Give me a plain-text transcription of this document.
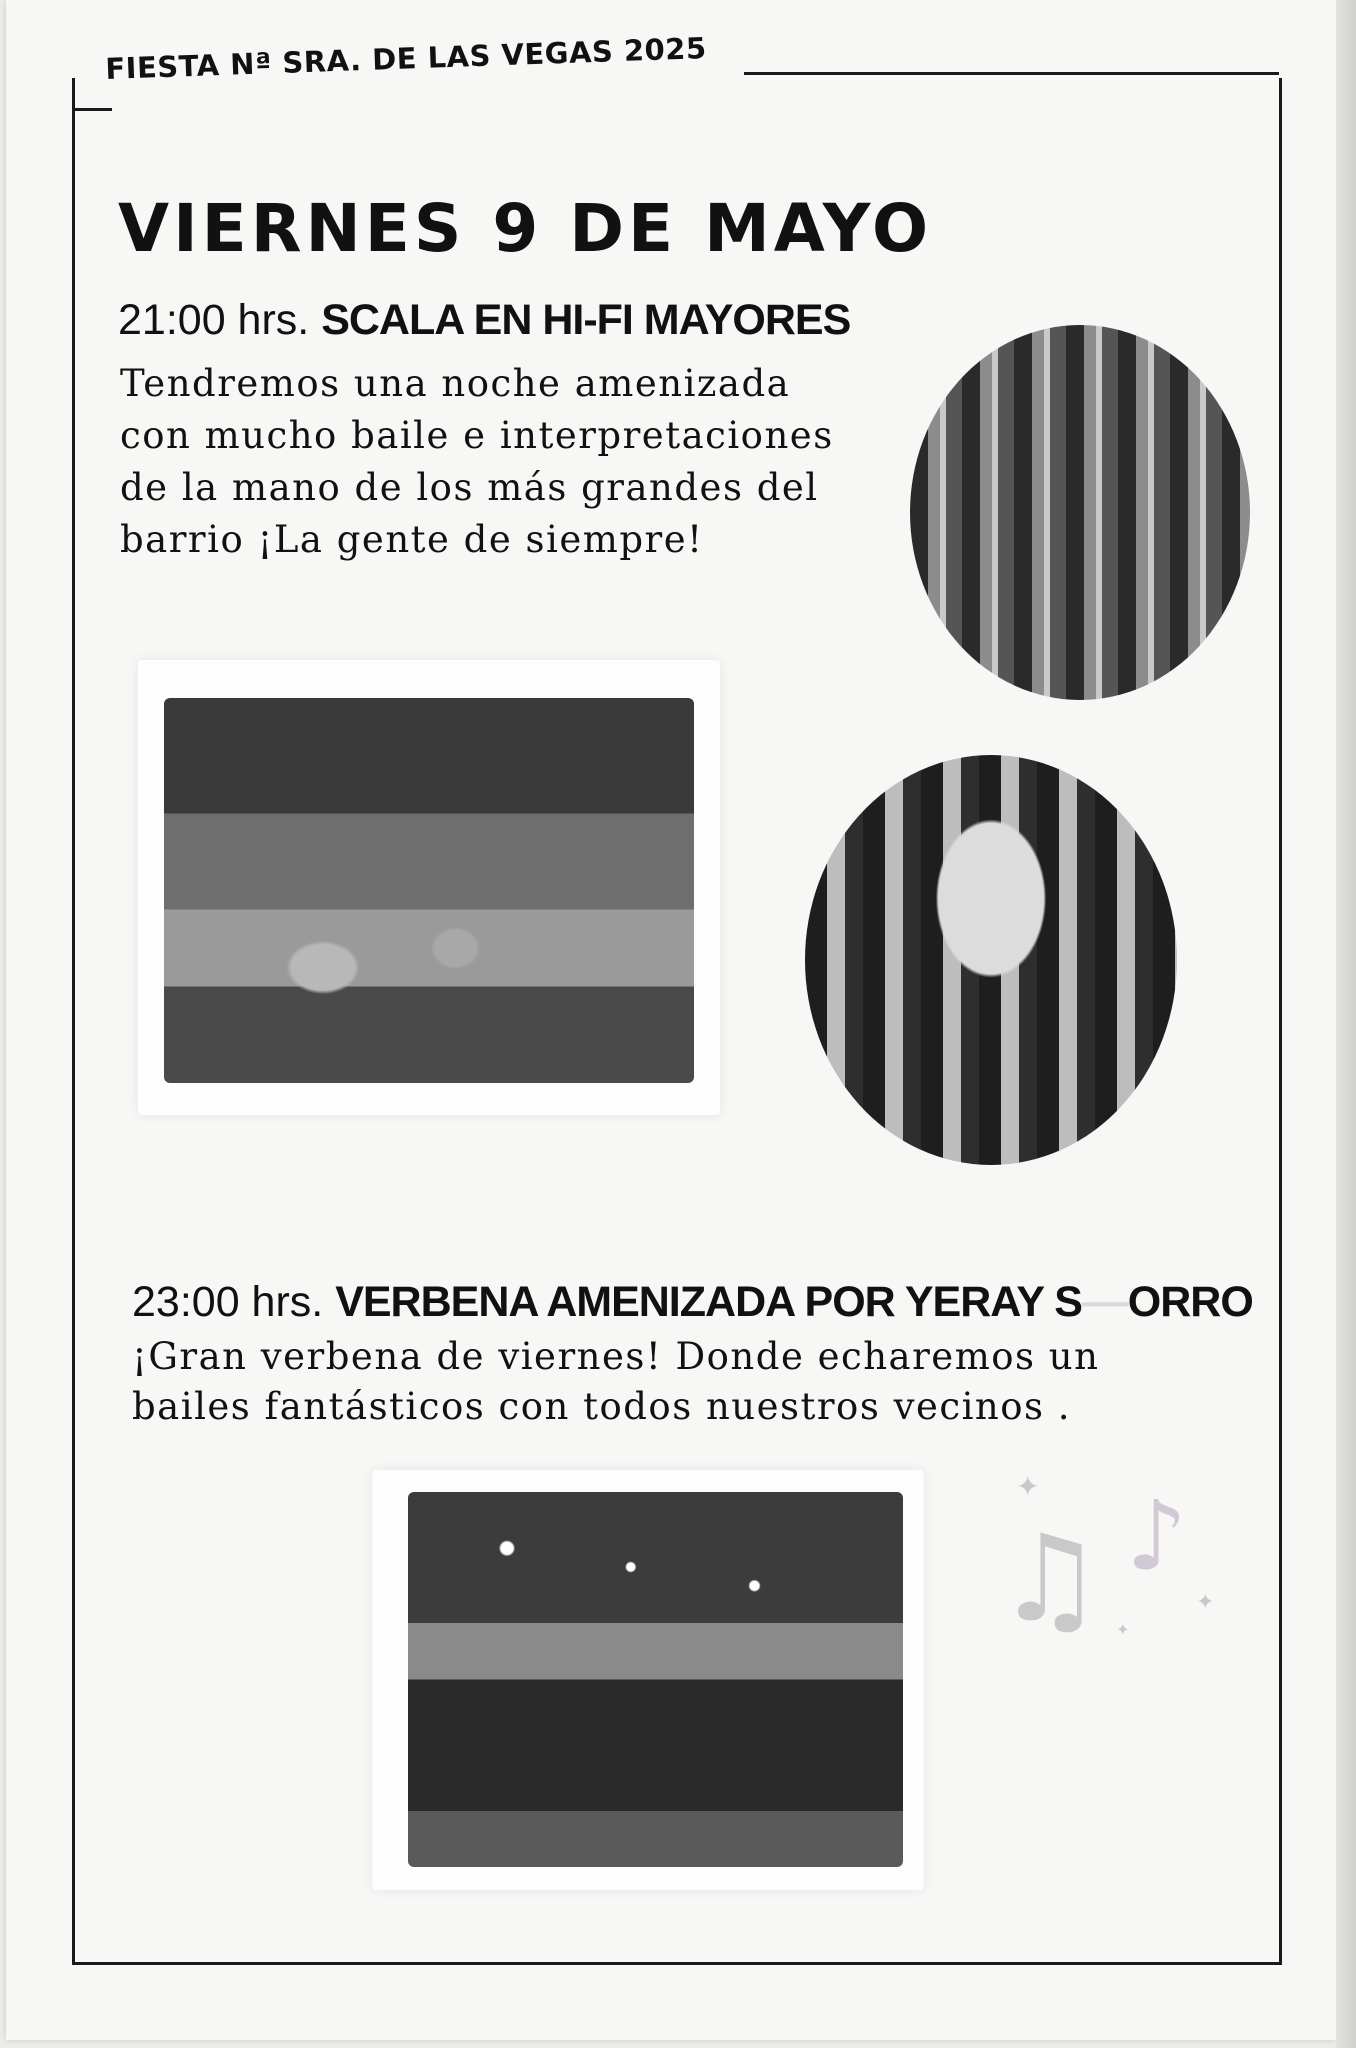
FIESTA Nª SRA. DE LAS VEGAS 2025
VIERNES 9 DE MAYO
21:00 hrs. SCALA EN HI-FI MAYORES
Tendremos una noche amenizada
con mucho baile e interpretaciones
de la mano de los más grandes del
barrio ¡La gente de siempre!
23:00 hrs. VERBENA AMENIZADA POR YERAY S‒‒ORRO
¡Gran verbena de viernes! Donde echaremos un
bailes fantásticos con todos nuestros vecinos .
♫ ♪
✦
✦
✦
